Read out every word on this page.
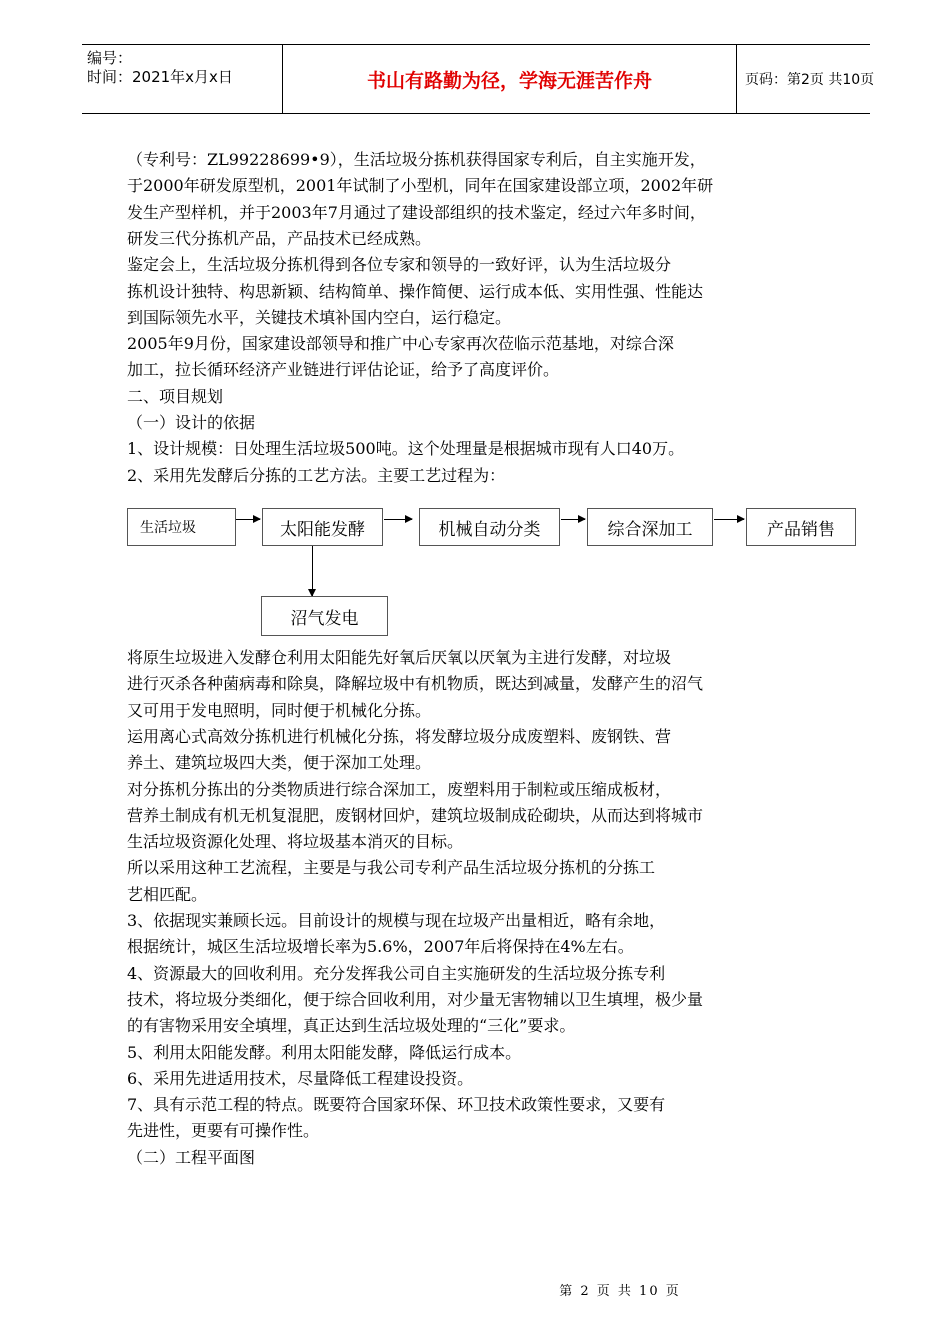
编号：
时间：2021年x月x日	书山有路勤为径，学海无涯苦作舟	页码：第2页 共10页
（专利号：ZL99228699•9），生活垃圾分拣机获得国家专利后，自主实施开发，
于2000年研发原型机，2001年试制了小型机，同年在国家建设部立项，2002年研
发生产型样机，并于2003年7月通过了建设部组织的技术鉴定，经过六年多时间，
研发三代分拣机产品，产品技术已经成熟。
鉴定会上，生活垃圾分拣机得到各位专家和领导的一致好评，认为生活垃圾分
拣机设计独特、构思新颖、结构简单、操作简便、运行成本低、实用性强、性能达
到国际领先水平，关键技术填补国内空白，运行稳定。
2005年9月份，国家建设部领导和推广中心专家再次莅临示范基地，对综合深
加工，拉长循环经济产业链进行评估论证，给予了高度评价。
二、项目规划
（一）设计的依据
1、设计规模：日处理生活垃圾500吨。这个处理量是根据城市现有人口40万。
2、采用先发酵后分拣的工艺方法。主要工艺过程为：
生活垃圾	太阳能发酵	机械自动分类	综合深加工	产品销售
沼气发电
将原生垃圾进入发酵仓利用太阳能先好氧后厌氧以厌氧为主进行发酵，对垃圾
进行灭杀各种菌病毒和除臭，降解垃圾中有机物质，既达到减量，发酵产生的沼气
又可用于发电照明，同时便于机械化分拣。
运用离心式高效分拣机进行机械化分拣，将发酵垃圾分成废塑料、废钢铁、营
养土、建筑垃圾四大类，便于深加工处理。
对分拣机分拣出的分类物质进行综合深加工，废塑料用于制粒或压缩成板材，
营养土制成有机无机复混肥，废钢材回炉，建筑垃圾制成砼砌块，从而达到将城市
生活垃圾资源化处理、将垃圾基本消灭的目标。
所以采用这种工艺流程，主要是与我公司专利产品生活垃圾分拣机的分拣工
艺相匹配。
3、依据现实兼顾长远。目前设计的规模与现在垃圾产出量相近，略有余地，
根据统计，城区生活垃圾增长率为5.6%，2007年后将保持在4%左右。
4、资源最大的回收利用。充分发挥我公司自主实施研发的生活垃圾分拣专利
技术，将垃圾分类细化，便于综合回收利用，对少量无害物辅以卫生填埋，极少量
的有害物采用安全填埋，真正达到生活垃圾处理的“三化”要求。
5、利用太阳能发酵。利用太阳能发酵，降低运行成本。
6、采用先进适用技术，尽量降低工程建设投资。
7、具有示范工程的特点。既要符合国家环保、环卫技术政策性要求，又要有
先进性，更要有可操作性。
（二）工程平面图
第 2 页 共 10 页
